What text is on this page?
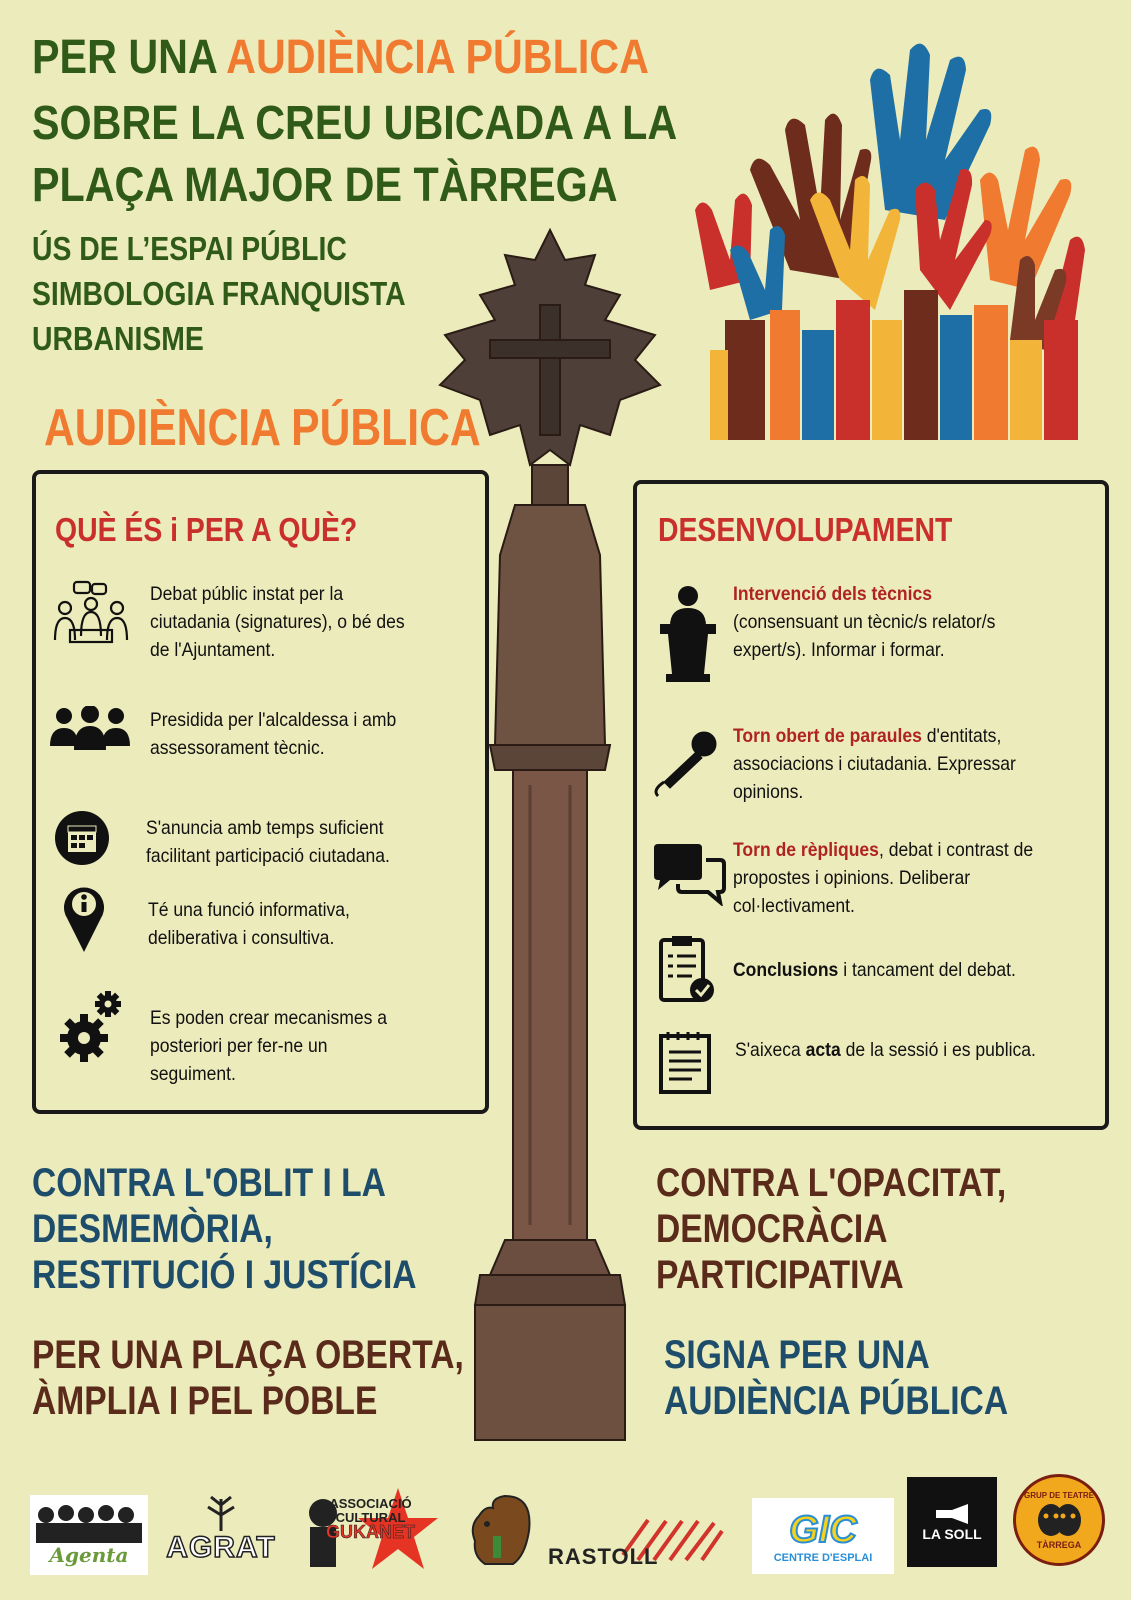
PER UNA AUDIÈNCIA PÚBLICA
SOBRE LA CREU UBICADA A LA
PLAÇA MAJOR DE TÀRREGA
ÚS DE L’ESPAI PÚBLIC
SIMBOLOGIA FRANQUISTA
URBANISME
AUDIÈNCIA PÚBLICA
QUÈ ÉS i PER A QUÈ?
Debat públic instat per la ciutadania (signatures), o bé des de l'Ajuntament.
Presidida per l'alcaldessa i amb assessorament tècnic.
S'anuncia amb temps suficient facilitant participació ciutadana.
Té una funció informativa, deliberativa i consultiva.
Es poden crear mecanismes a posteriori per fer-ne un seguiment.
DESENVOLUPAMENT
Intervenció dels tècnics
(consensuant un tècnic/s relator/s expert/s). Informar i formar.
Torn obert de paraules d'entitats, associacions i ciutadania. Expressar opinions.
Torn de rèpliques, debat i contrast de propostes i opinions. Deliberar col·lectivament.
Conclusions i tancament del debat.
S'aixeca acta de la sessió i es publica.
CONTRA L'OBLIT I LA
DESMEMÒRIA,
RESTITUCIÓ I JUSTÍCIA
CONTRA L'OPACITAT,
DEMOCRÀCIA
PARTICIPATIVA
PER UNA PLAÇA OBERTA,
ÀMPLIA I PEL POBLE
SIGNA PER UNA
AUDIÈNCIA PÚBLICA
Agenta AGRAT
ASSOCIACIÓ
CULTURAL
GUKANET
RASTOLL
GIC
CENTRE D'ESPLAI
LA SOLL
GRUP DE TEATRE
TÀRREGA
